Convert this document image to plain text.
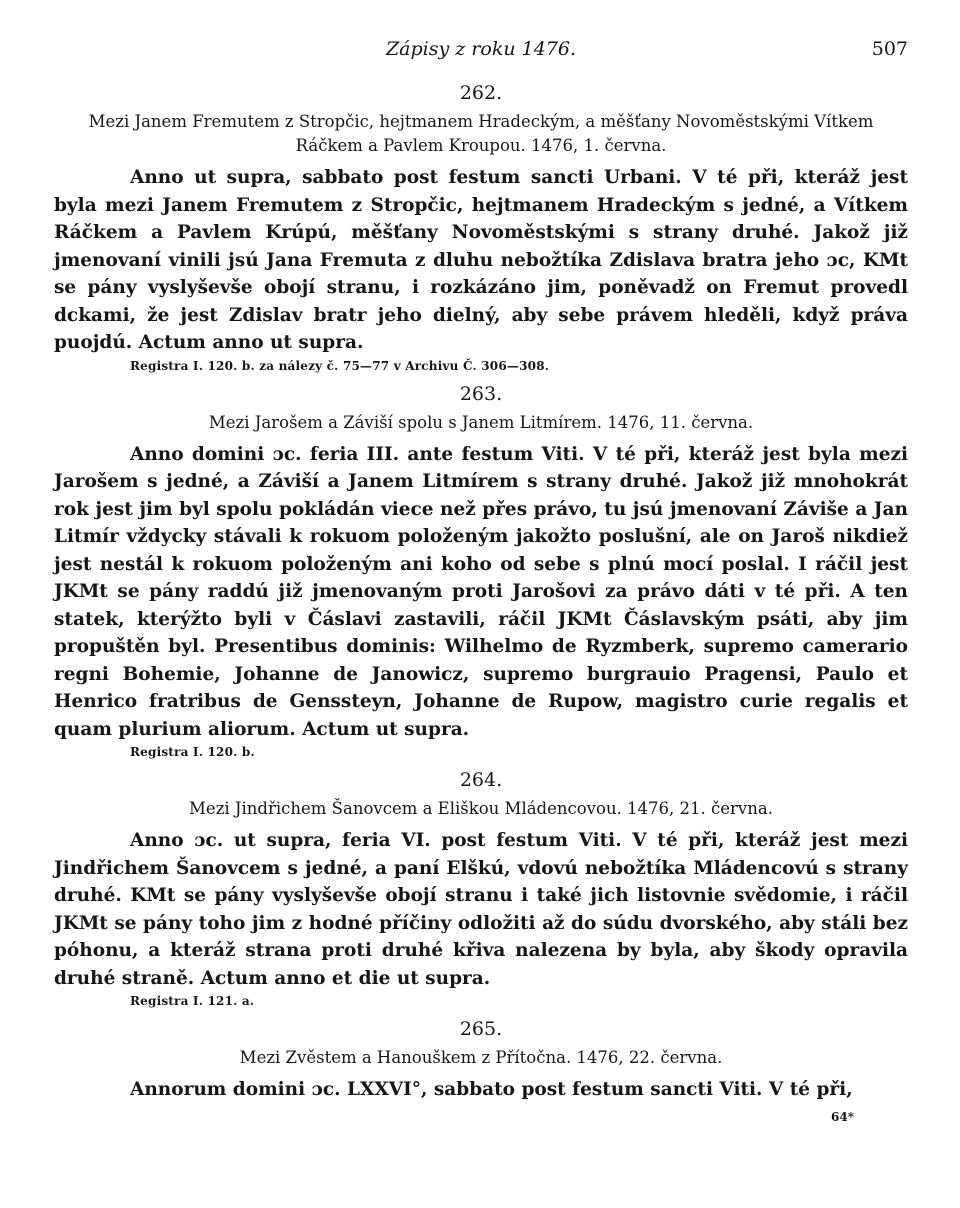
Zápisy z roku 1476.	507
262.
Mezi Janem Fremutem z Stropčic, hejtmanem Hradeckým, a měšťany Novoměstskými Vítkem Ráčkem a Pavlem Kroupou. 1476, 1. června.

Anno ut supra, sabbato post festum sancti Urbani. V té při, kteráž jest byla mezi Janem Fremutem z Stropčic, hejtmanem Hradeckým s jedné, a Vítkem Ráčkem a Pavlem Krúpú, měšťany Novoměstskými s strany druhé. Jakož již jmenovaní vinili jsú Jana Fremuta z dluhu nebožtíka Zdislava bratra jeho ɔc, KMt se pány vyslyševše obojí stranu, i rozkázáno jim, poněvadž on Fremut provedl dckami, že jest Zdislav bratr jeho dielný, aby sebe právem hleděli, když práva puojdú. Actum anno ut supra.

Registra I. 120. b. za nálezy č. 75—77 v Archivu Č. 306—308.
263.
Mezi Jarošem a Záviší spolu s Janem Litmírem. 1476, 11. června.

Anno domini ɔc. feria III. ante festum Viti. V té při, kteráž jest byla mezi Jarošem s jedné, a Záviší a Janem Litmírem s strany druhé. Jakož již mnohokrát rok jest jim byl spolu pokládán viece než přes právo, tu jsú jmenovaní Záviše a Jan Litmír vždycky stávali k rokuom položeným jakožto poslušní, ale on Jaroš nikdiež jest nestál k rokuom položeným ani koho od sebe s plnú mocí poslal. I ráčil jest JKMt se pány raddú již jmenovaným proti Jarošovi za právo dáti v té při. A ten statek, kterýžto byli v Čáslavi zastavili, ráčil JKMt Čáslavským psáti, aby jim propuštěn byl. Presentibus dominis: Wilhelmo de Ryzmberk, supremo camerario regni Bohemie, Johanne de Janowicz, supremo burgrauio Pragensi, Paulo et Henrico fratribus de Genssteyn, Johanne de Rupow, magistro curie regalis et quam plurium aliorum. Actum ut supra.

Registra I. 120. b.
264.
Mezi Jindřichem Šanovcem a Eliškou Mládencovou. 1476, 21. června.

Anno ɔc. ut supra, feria VI. post festum Viti. V té při, kteráž jest mezi Jindřichem Šanovcem s jedné, a paní Elškú, vdovú nebožtíka Mládencovú s strany druhé. KMt se pány vyslyševše obojí stranu i také jich listovnie svědomie, i ráčil JKMt se pány toho jim z hodné příčiny odložiti až do súdu dvorského, aby stáli bez póhonu, a kteráž strana proti druhé křiva nalezena by byla, aby škody opravila druhé straně. Actum anno et die ut supra.

Registra I. 121. a.
265.
Mezi Zvěstem a Hanouškem z Přítočna. 1476, 22. června.

Annorum domini ɔc. LXXVI°, sabbato post festum sancti Viti. V té při,

64*
